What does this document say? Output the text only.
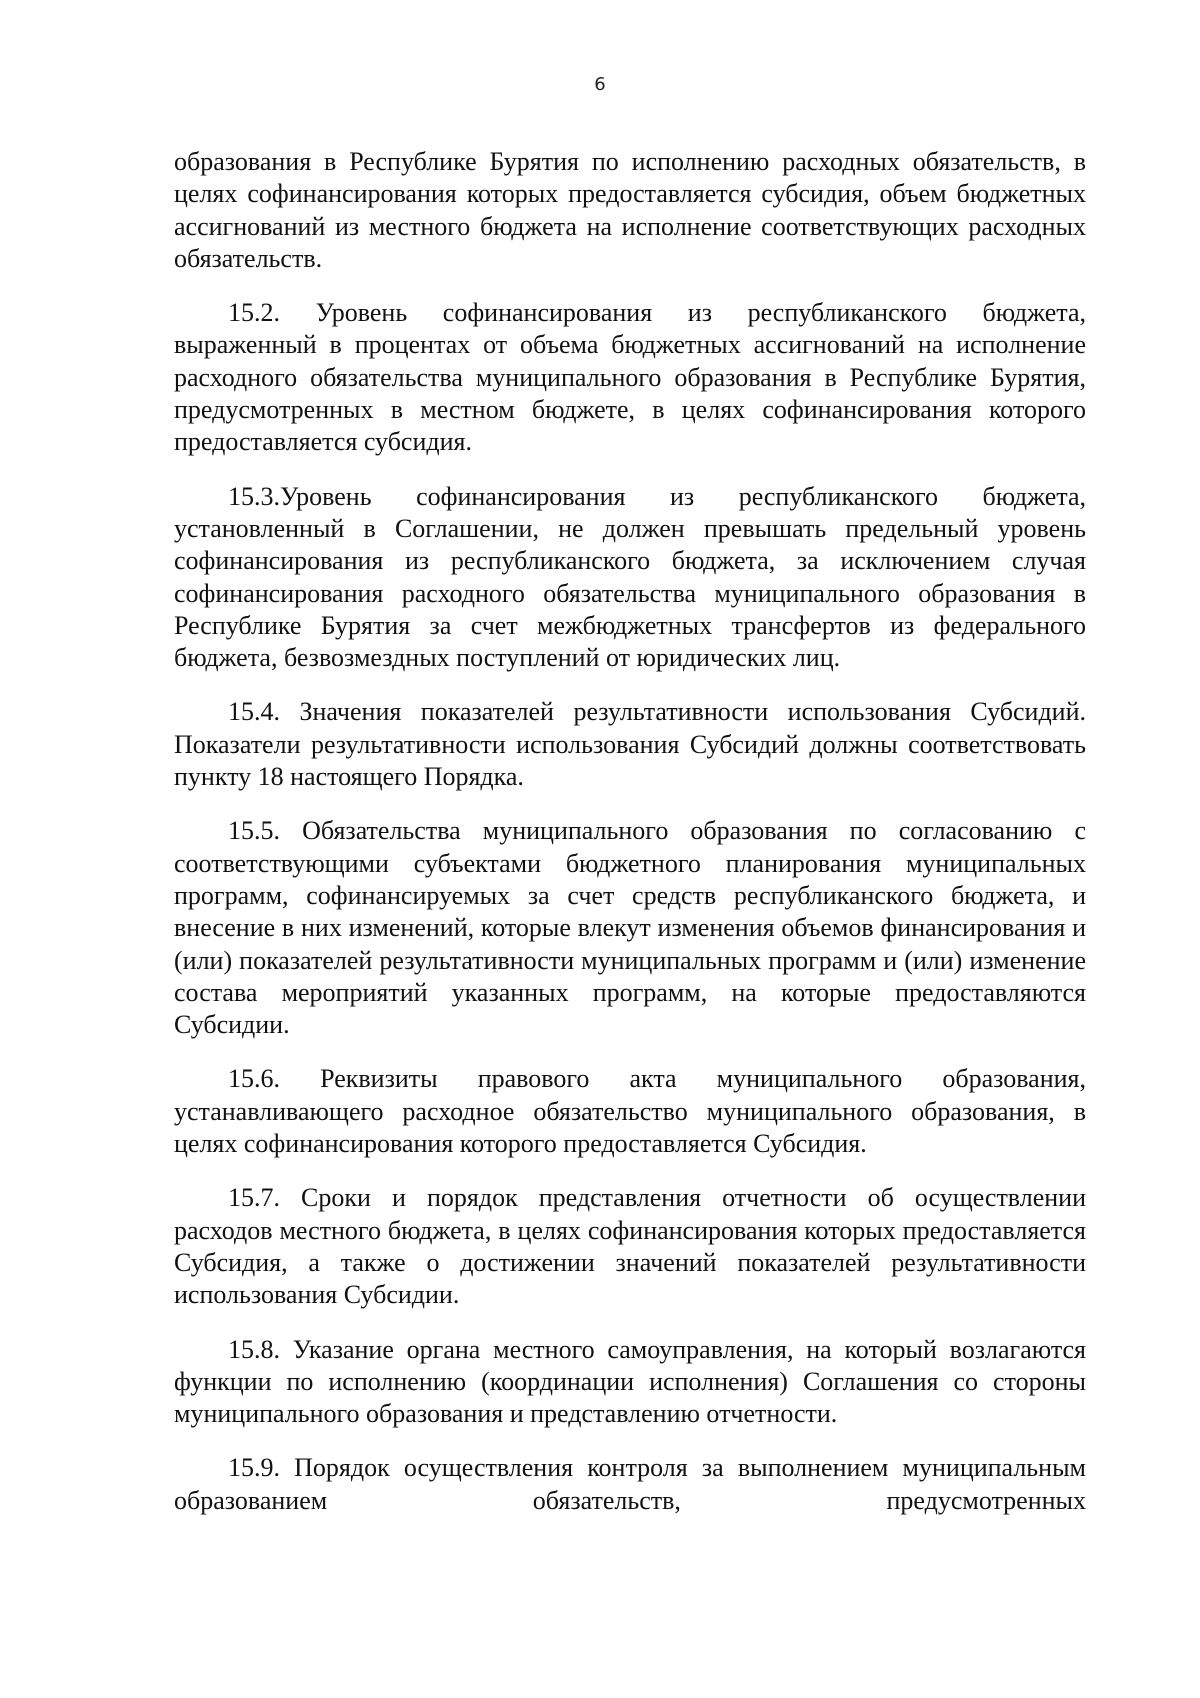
6

образования в Республике Бурятия по исполнению расходных обязательств, в целях софинансирования которых предоставляется субсидия, объем бюджетных ассигнований из местного бюджета на исполнение соответствующих расходных обязательств.

15.2. Уровень софинансирования из республиканского бюджета, выраженный в процентах от объема бюджетных ассигнований на исполнение расходного обязательства муниципального образования в Республике Бурятия, предусмотренных в местном бюджете, в целях софинансирования которого предоставляется субсидия.

15.3.Уровень софинансирования из республиканского бюджета, установленный в Соглашении, не должен превышать предельный уровень софинансирования из республиканского бюджета, за исключением случая софинансирования расходного обязательства муниципального образования в Республике Бурятия за счет межбюджетных трансфертов из федерального бюджета, безвозмездных поступлений от юридических лиц.

15.4. Значения показателей результативности использования Субсидий. Показатели результативности использования Субсидий должны соответствовать пункту 18 настоящего Порядка.

15.5. Обязательства муниципального образования по согласованию с соответствующими субъектами бюджетного планирования муниципальных программ, софинансируемых за счет средств республиканского бюджета, и внесение в них изменений, которые влекут изменения объемов финансирования и (или) показателей результативности муниципальных программ и (или) изменение состава мероприятий указанных программ, на которые предоставляются Субсидии.

15.6. Реквизиты правового акта муниципального образования, устанавливающего расходное обязательство муниципального образования, в целях софинансирования которого предоставляется Субсидия.

15.7. Сроки и порядок представления отчетности об осуществлении расходов местного бюджета, в целях софинансирования которых предоставляется Субсидия, а также о достижении значений показателей результативности использования Субсидии.

15.8. Указание органа местного самоуправления, на который возлагаются функции по исполнению (координации исполнения) Соглашения со стороны муниципального образования и представлению отчетности.

15.9. Порядок осуществления контроля за выполнением муниципальным образованием обязательств, предусмотренных
